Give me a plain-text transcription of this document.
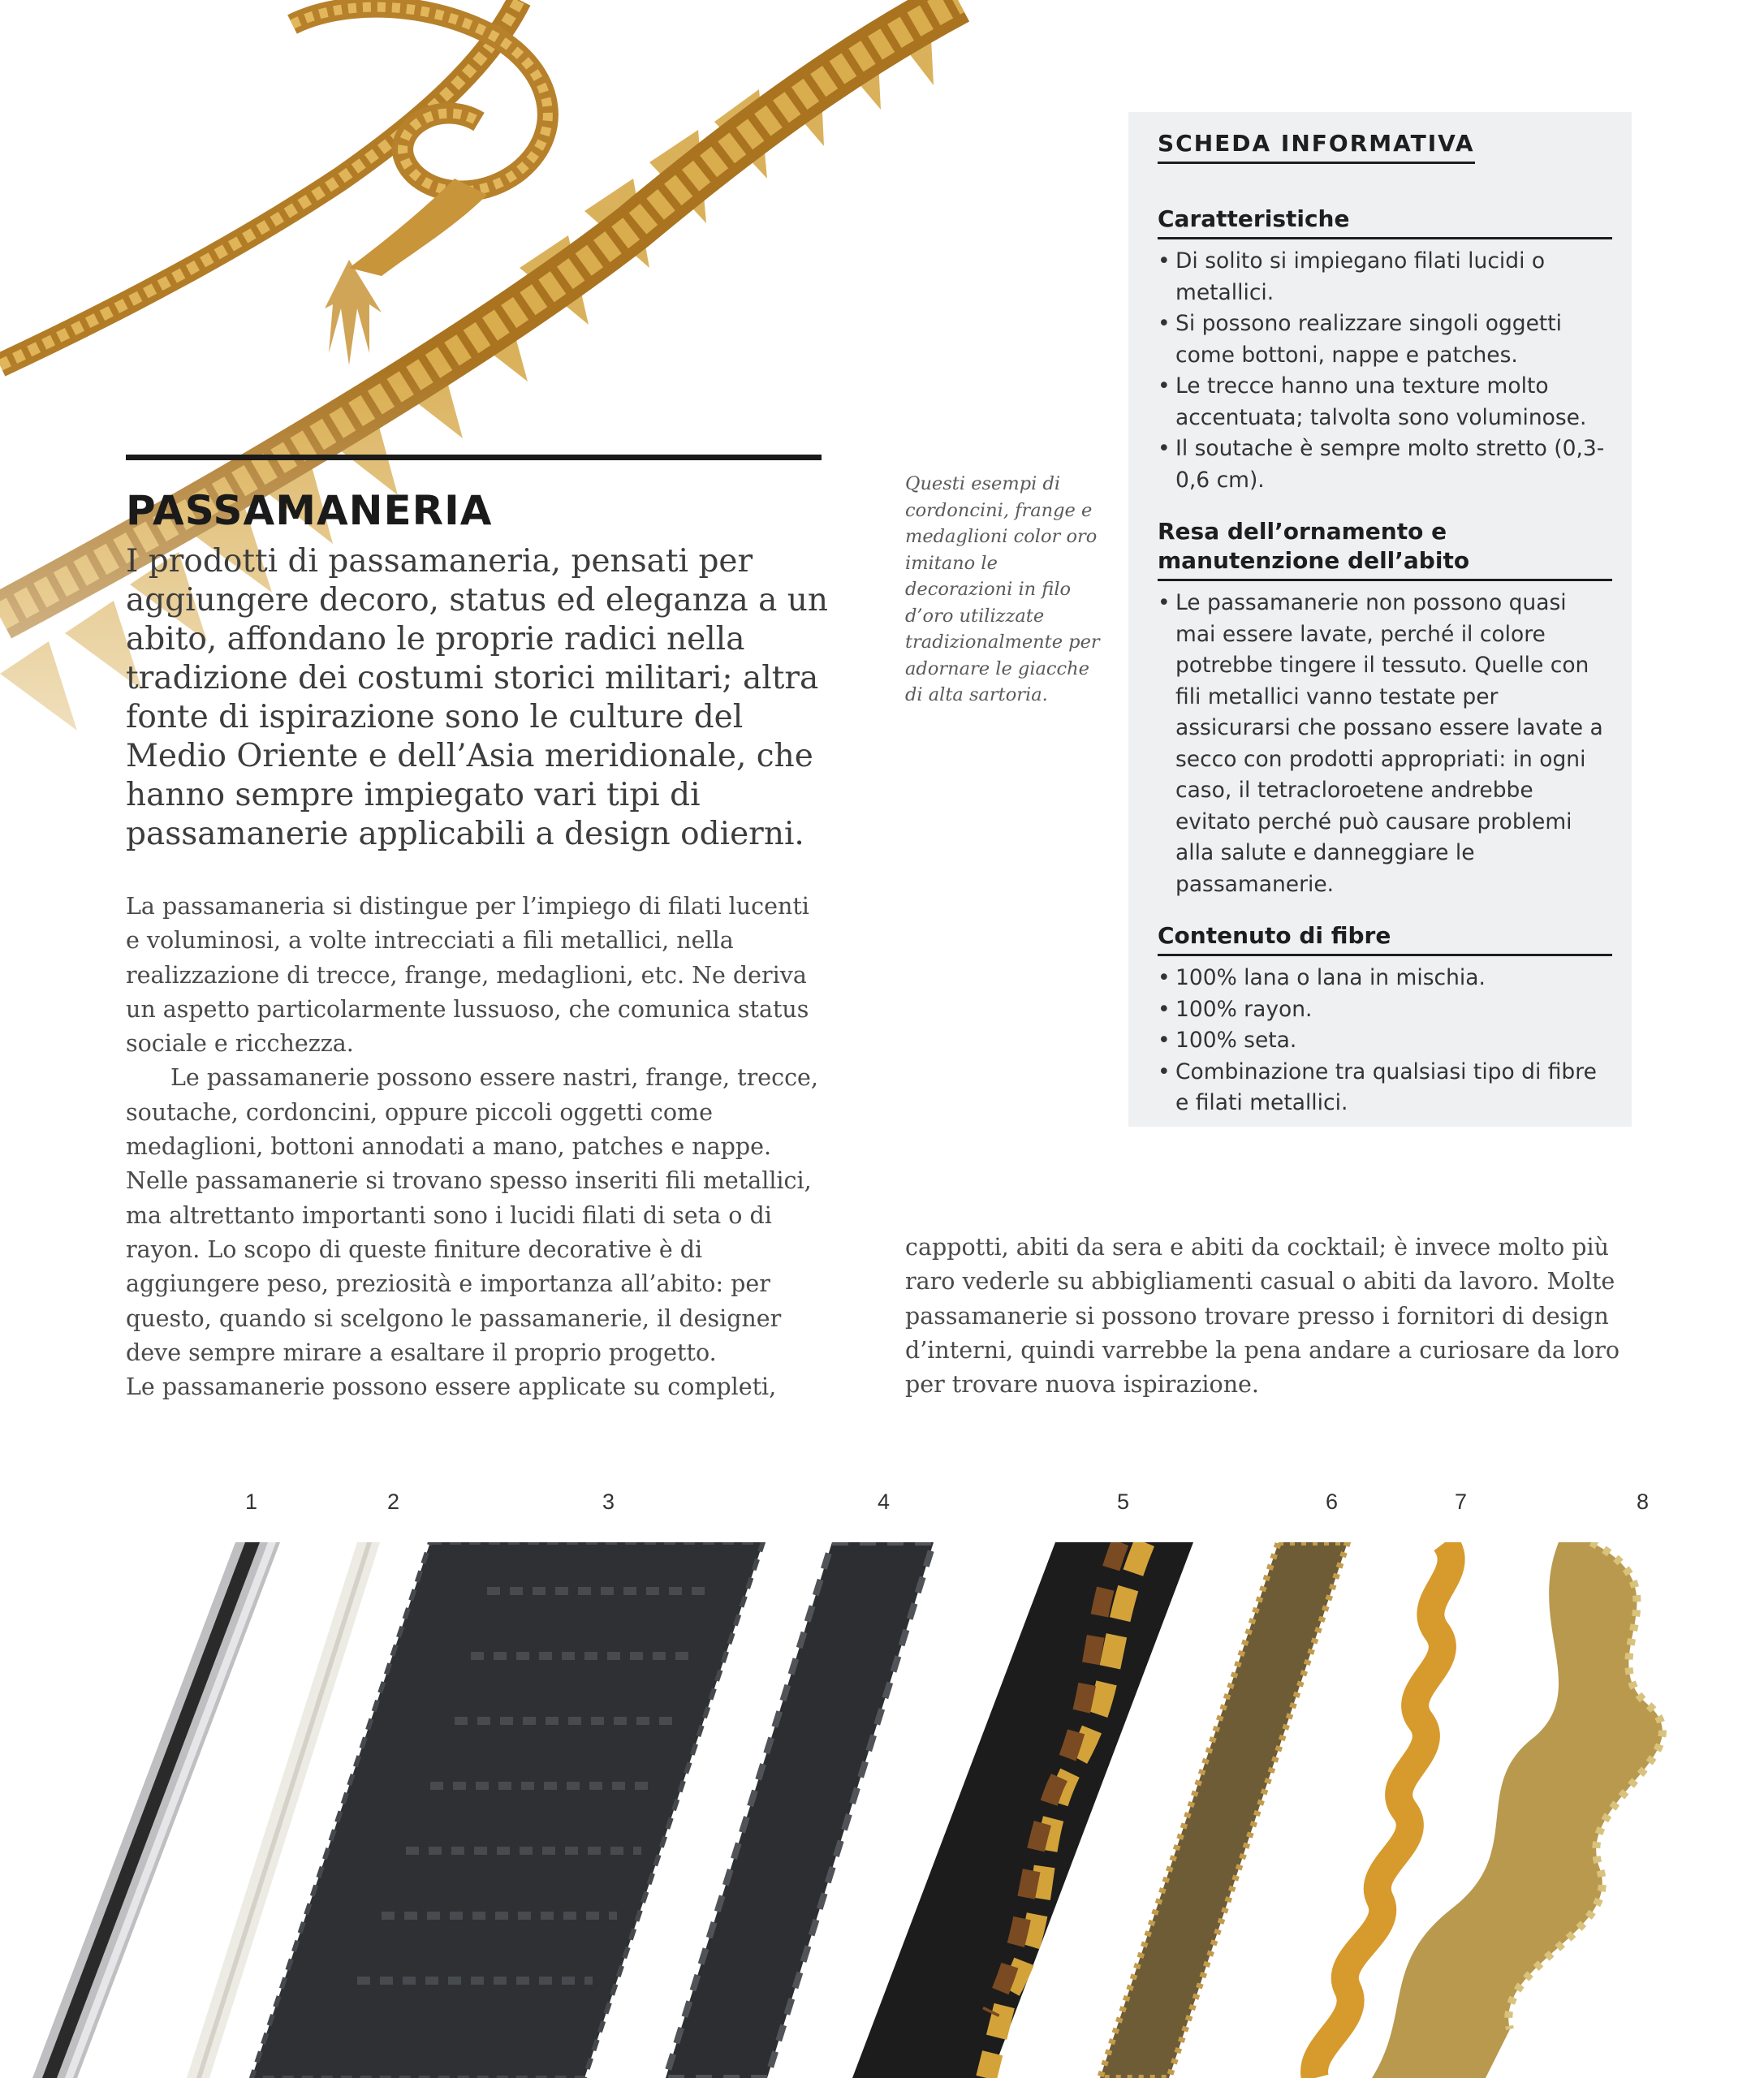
PASSAMANERIA

I prodotti di passamaneria, pensati per aggiungere decoro, status ed eleganza a un abito, affondano le proprie radici nella tradizione dei costumi storici militari; altra fonte di ispirazione sono le culture del Medio Oriente e dell’Asia meridionale, che hanno sempre impiegato vari tipi di passamanerie applicabili a design odierni.

La passamaneria si distingue per l’impiego di filati lucenti e voluminosi, a volte intrecciati a fili metallici, nella realizzazione di trecce, frange, medaglioni, etc. Ne deriva un aspetto particolarmente lussuoso, che comunica status sociale e ricchezza.

Le passamanerie possono essere nastri, frange, trecce, soutache, cordoncini, oppure piccoli oggetti come medaglioni, bottoni annodati a mano, patches e nappe. Nelle passamanerie si trovano spesso inseriti fili metallici, ma altrettanto importanti sono i lucidi filati di seta o di rayon. Lo scopo di queste finiture decorative è di aggiungere peso, preziosità e importanza all’abito: per questo, quando si scelgono le passamanerie, il designer deve sempre mirare a esaltare il proprio progetto.

Le passamanerie possono essere applicate su completi,

Questi esempi di cordoncini, frange e medaglioni color oro imitano le decorazioni in filo d’oro utilizzate tradizionalmente per adornare le giacche di alta sartoria.

cappotti, abiti da sera e abiti da cocktail; è invece molto più raro vederle su abbigliamenti casual o abiti da lavoro. Molte passamanerie si possono trovare presso i fornitori di design d’interni, quindi varrebbe la pena andare a curiosare da loro per trovare nuova ispirazione.

SCHEDA INFORMATIVA
Caratteristiche
• Di solito si impiegano filati lucidi o metallici.
• Si possono realizzare singoli oggetti come bottoni, nappe e patches.
• Le trecce hanno una texture molto accentuata; talvolta sono voluminose.
• Il soutache è sempre molto stretto (0,3-0,6 cm).
Resa dell’ornamento e manutenzione dell’abito
• Le passamanerie non possono quasi mai essere lavate, perché il colore potrebbe tingere il tessuto. Quelle con fili metallici vanno testate per assicurarsi che possano essere lavate a secco con prodotti appropriati: in ogni caso, il tetracloroetene andrebbe evitato perché può causare problemi alla salute e danneggiare le passamanerie.
Contenuto di fibre
• 100% lana o lana in mischia.
• 100% rayon.
• 100% seta.
• Combinazione tra qualsiasi tipo di fibre e filati metallici.
1	2	3	4	5	6	7	8
